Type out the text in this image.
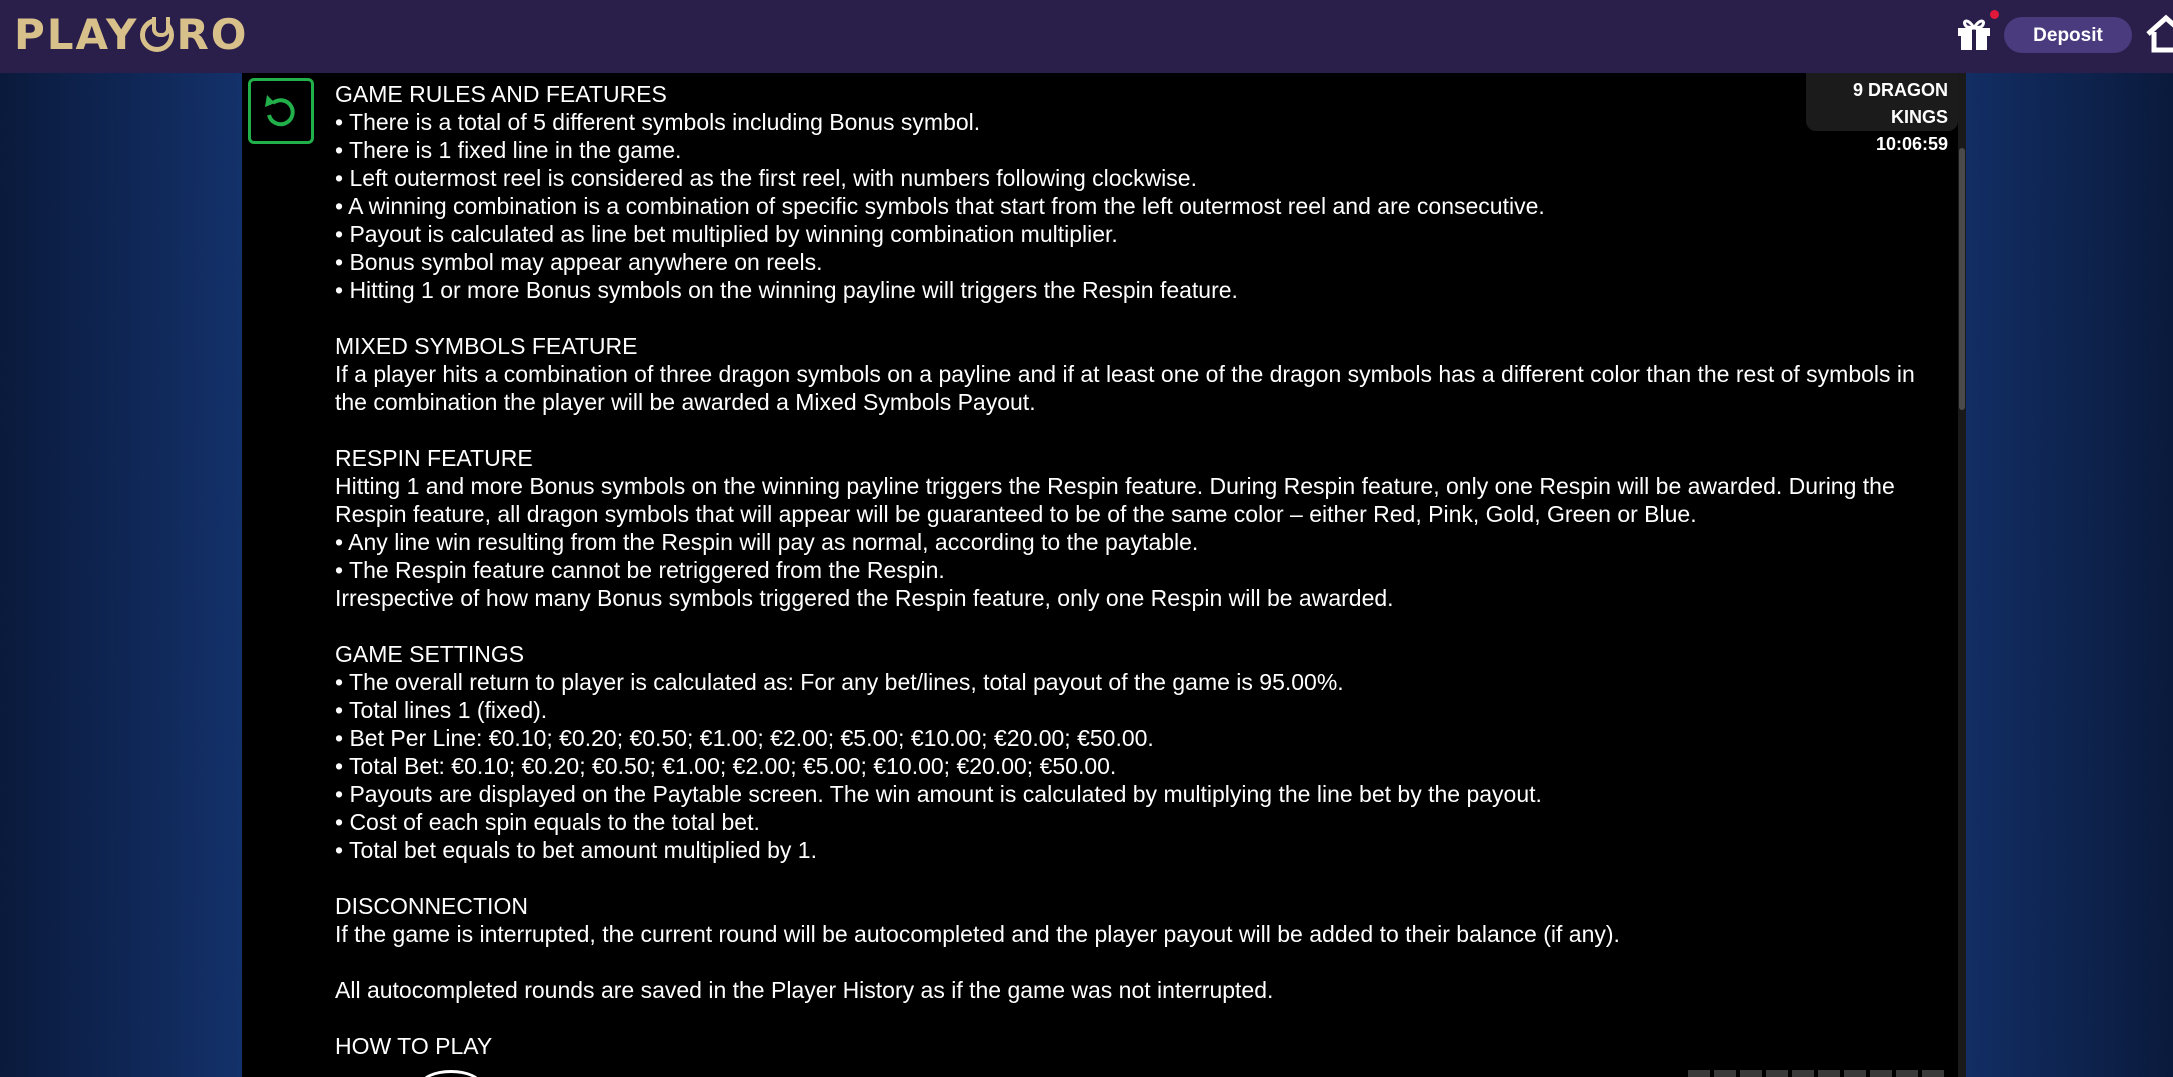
PLAY RO	Deposit
GAME RULES AND FEATURES
• There is a total of 5 different symbols including Bonus symbol.
• There is 1 fixed line in the game.
• Left outermost reel is considered as the first reel, with numbers following clockwise.
• A winning combination is a combination of specific symbols that start from the left outermost reel and are consecutive.
• Payout is calculated as line bet multiplied by winning combination multiplier.
• Bonus symbol may appear anywhere on reels.
• Hitting 1 or more Bonus symbols on the winning payline will triggers the Respin feature.
MIXED SYMBOLS FEATURE
If a player hits a combination of three dragon symbols on a payline and if at least one of the dragon symbols has a different color than the rest of symbols in
the combination the player will be awarded a Mixed Symbols Payout.
RESPIN FEATURE
Hitting 1 and more Bonus symbols on the winning payline triggers the Respin feature. During Respin feature, only one Respin will be awarded. During the
Respin feature, all dragon symbols that will appear will be guaranteed to be of the same color – either Red, Pink, Gold, Green or Blue.
• Any line win resulting from the Respin will pay as normal, according to the paytable.
• The Respin feature cannot be retriggered from the Respin.
Irrespective of how many Bonus symbols triggered the Respin feature, only one Respin will be awarded.
GAME SETTINGS
• The overall return to player is calculated as: For any bet/lines, total payout of the game is 95.00%.
• Total lines 1 (fixed).
• Bet Per Line: €0.10; €0.20; €0.50; €1.00; €2.00; €5.00; €10.00; €20.00; €50.00.
• Total Bet: €0.10; €0.20; €0.50; €1.00; €2.00; €5.00; €10.00; €20.00; €50.00.
• Payouts are displayed on the Paytable screen. The win amount is calculated by multiplying the line bet by the payout.
• Cost of each spin equals to the total bet.
• Total bet equals to bet amount multiplied by 1.
DISCONNECTION
If the game is interrupted, the current round will be autocompleted and the player payout will be added to their balance (if any).
All autocompleted rounds are saved in the Player History as if the game was not interrupted.
HOW TO PLAY
9 DRAGON KINGS
10:06:59
